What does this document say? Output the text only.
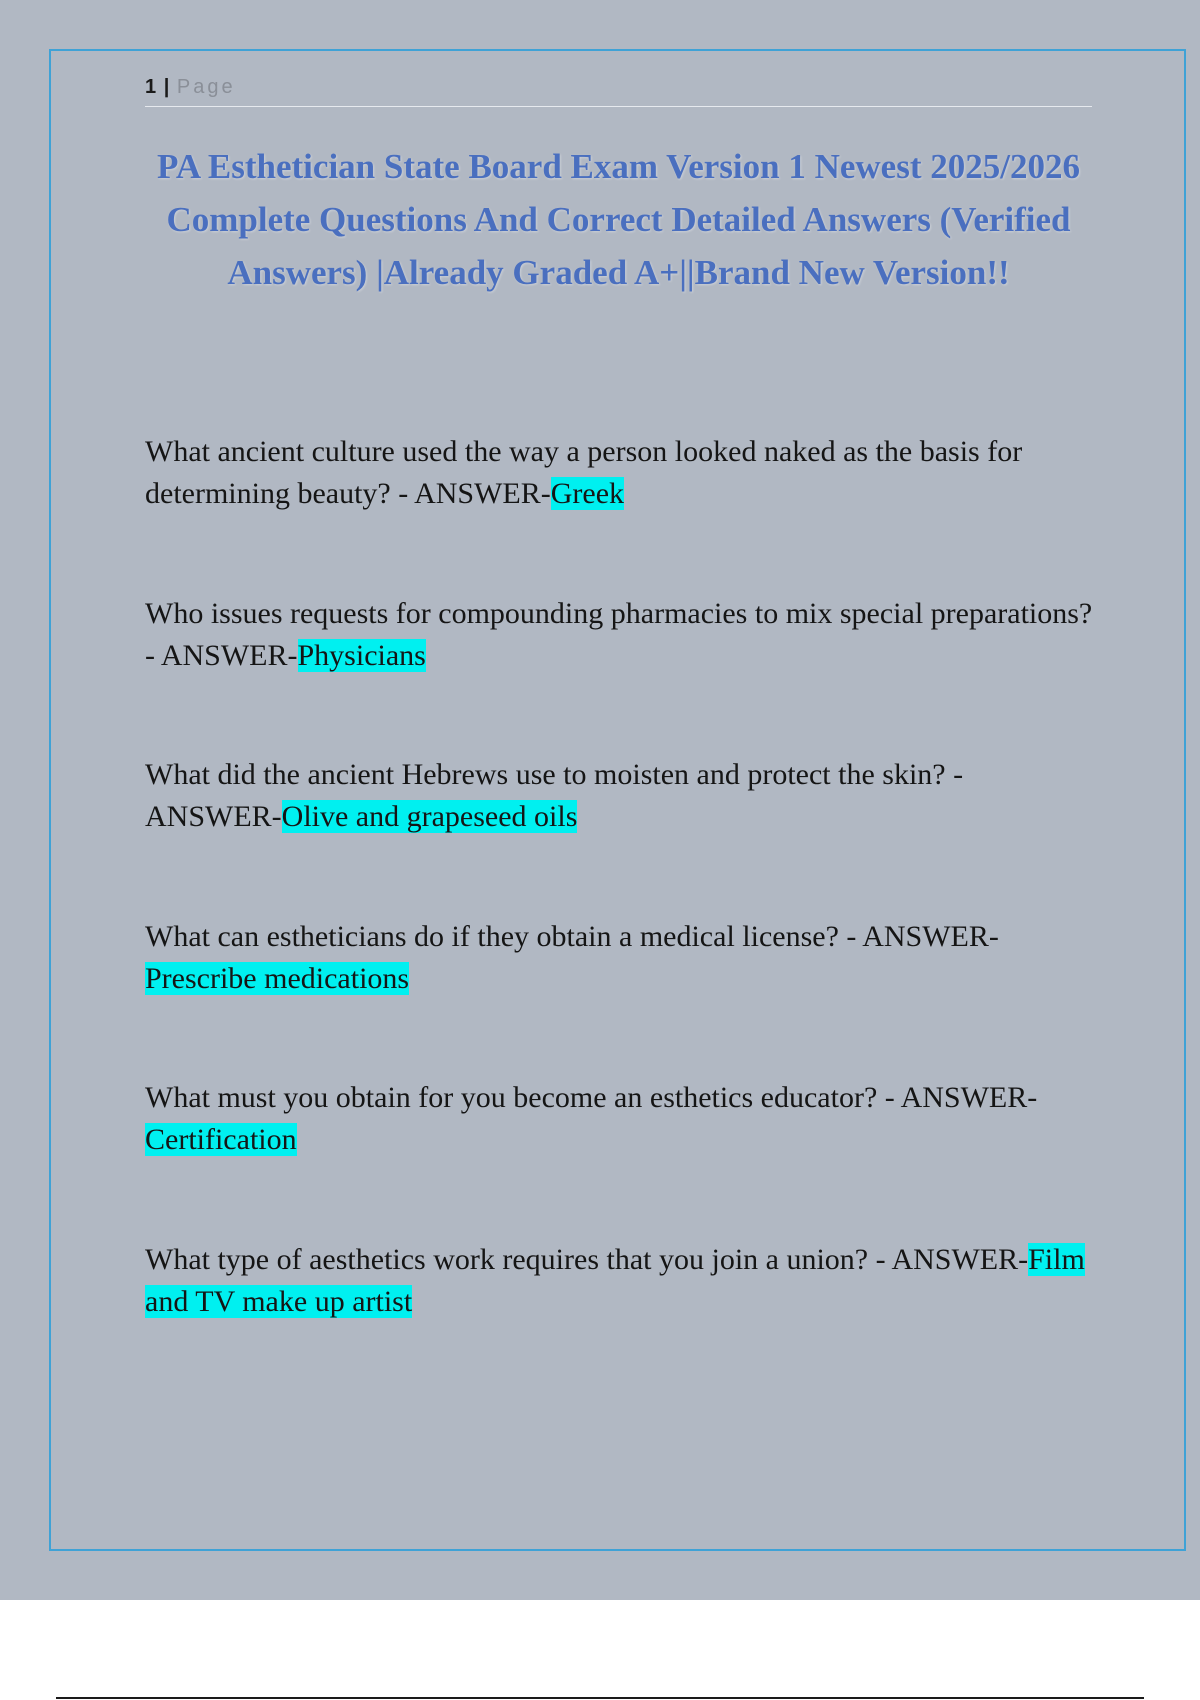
1 | Page
PA Esthetician State Board Exam Version 1 Newest 2025/2026 Complete Questions And Correct Detailed Answers (Verified Answers) |Already Graded A+||Brand New Version!!
What ancient culture used the way a person looked naked as the basis for determining beauty? - ANSWER-Greek
Who issues requests for compounding pharmacies to mix special preparations? - ANSWER-Physicians
What did the ancient Hebrews use to moisten and protect the skin? - ANSWER-Olive and grapeseed oils
What can estheticians do if they obtain a medical license? - ANSWER-Prescribe medications
What must you obtain for you become an esthetics educator? - ANSWER-Certification
What type of aesthetics work requires that you join a union? - ANSWER-Film and TV make up artist
